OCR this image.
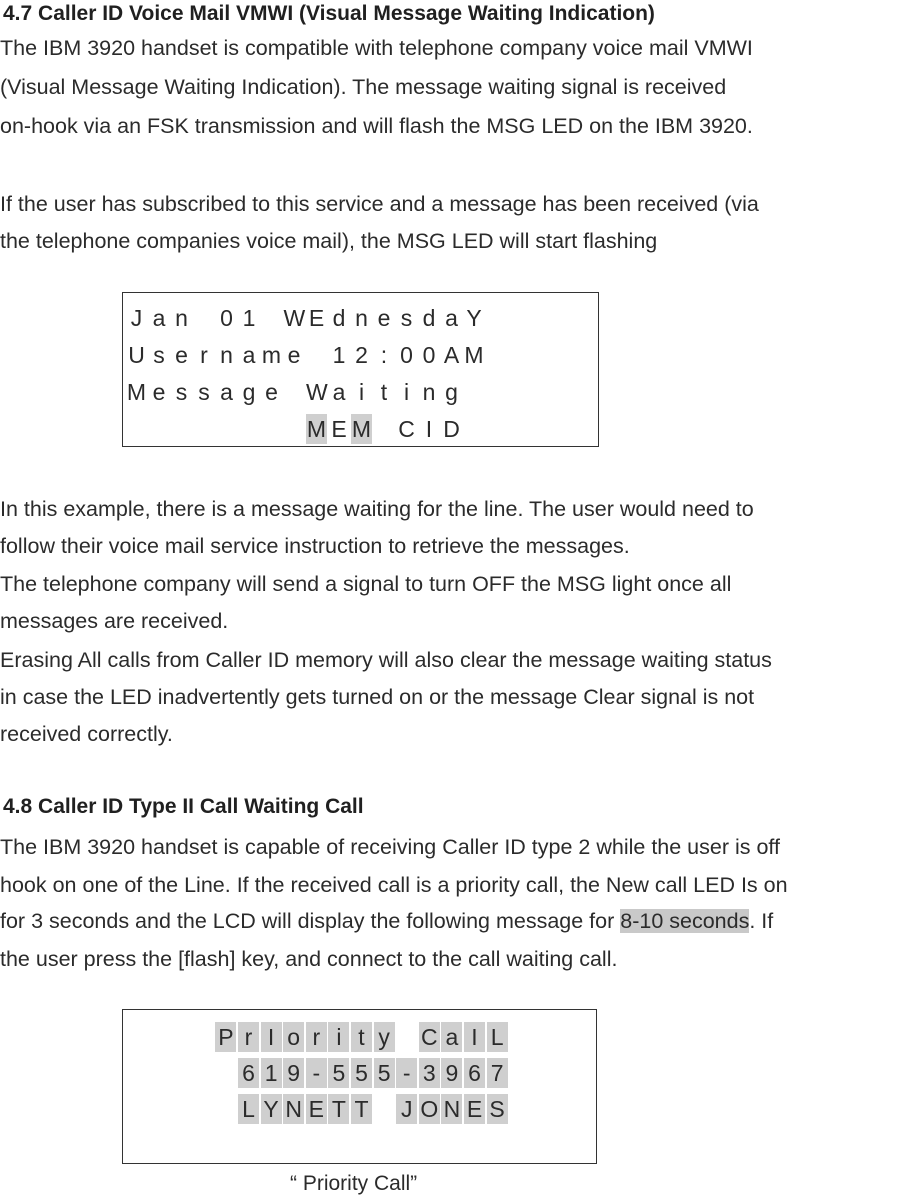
4.7 Caller ID Voice Mail VMWI (Visual Message Waiting Indication)

The IBM 3920 handset is compatible with telephone company voice mail VMWI

(Visual Message Waiting Indication). The message waiting signal is received

on-hook via an FSK transmission and will flash the MSG LED on the IBM 3920.

If the user has subscribed to this service and a message has been received (via

the telephone companies voice mail), the MSG LED will start flashing

J a n 0 1 W E d n e s d a Y
U s e r n a m e 1 2 : 0 0 A M
M e s s a g e W a i t i n g
M E M C I D

In this example, there is a message waiting for the line. The user would need to

follow their voice mail service instruction to retrieve the messages.

The telephone company will send a signal to turn OFF the MSG light once all

messages are received.

Erasing All calls from Caller ID memory will also clear the message waiting status

in case the LED inadvertently gets turned on or the message Clear signal is not

received correctly.

4.8 Caller ID Type II Call Waiting Call

The IBM 3920 handset is capable of receiving Caller ID type 2 while the user is off

hook on one of the Line. If the received call is a priority call, the New call LED Is on

for 3 seconds and the LCD will display the following message for 8-10 seconds. If

the user press the [flash] key, and connect to the call waiting call.

P r I o r i t y C a I L
6 1 9 - 5 5 5 - 3 9 6 7
L Y N E T T J O N E S
“ Priority Call”
